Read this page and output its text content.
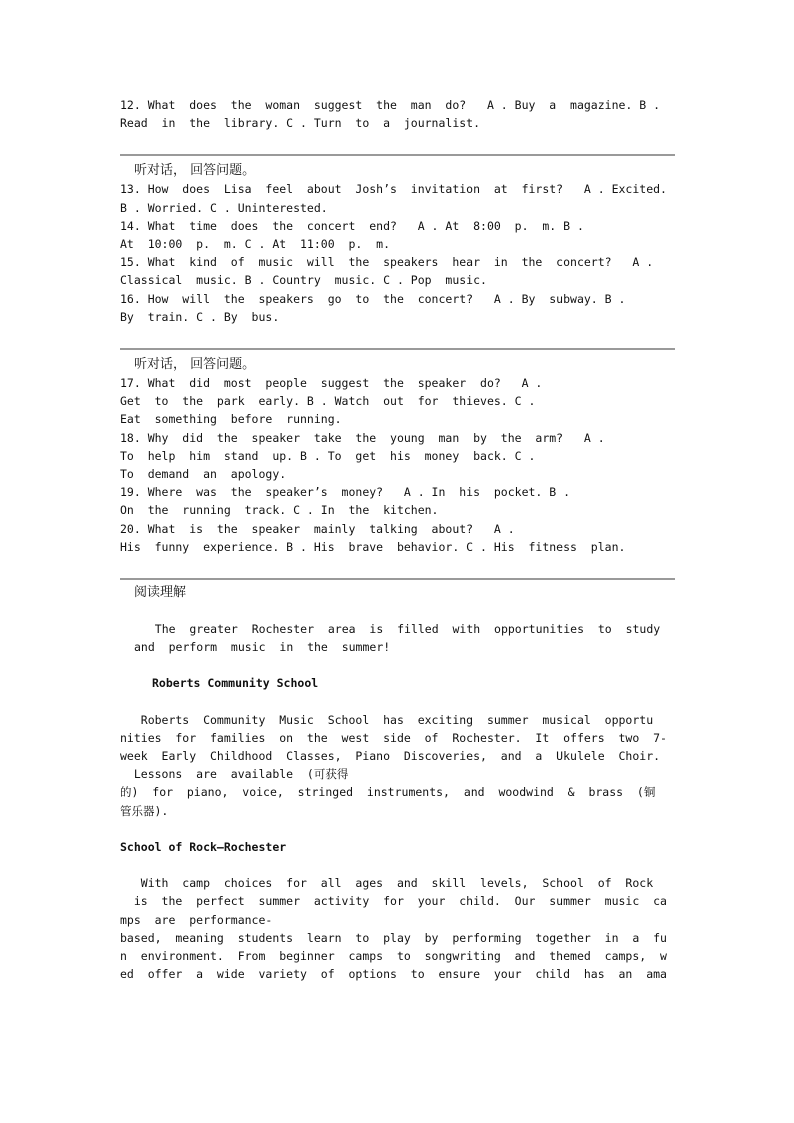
12. What  does  the  woman  suggest  the  man  do?   A . Buy  a  magazine. B .
Read  in  the  library. C . Turn  to  a  journalist.
听对话， 回答问题。
13. How  does  Lisa  feel  about  Josh’s  invitation  at  first?   A . Excited.
B . Worried. C . Uninterested.
14. What  time  does  the  concert  end?   A . At  8:00  p.  m. B .
At  10:00  p.  m. C . At  11:00  p.  m.
15. What  kind  of  music  will  the  speakers  hear  in  the  concert?   A .
Classical  music. B . Country  music. C . Pop  music.
16. How  will  the  speakers  go  to  the  concert?   A . By  subway. B .
By  train. C . By  bus.
听对话， 回答问题。
17. What  did  most  people  suggest  the  speaker  do?   A .
Get  to  the  park  early. B . Watch  out  for  thieves. C .
Eat  something  before  running.
18. Why  did  the  speaker  take  the  young  man  by  the  arm?   A .
To  help  him  stand  up. B . To  get  his  money  back. C .
To  demand  an  apology.
19. Where  was  the  speaker’s  money?   A . In  his  pocket. B .
On  the  running  track. C . In  the  kitchen.
20. What  is  the  speaker  mainly  talking  about?   A .
His  funny  experience. B . His  brave  behavior. C . His  fitness  plan.
阅读理解
The  greater  Rochester  area  is  filled  with  opportunities  to  study
and  perform  music  in  the  summer!
Roberts Community School
Roberts  Community  Music  School  has  exciting  summer  musical  opportu
nities  for  families  on  the  west  side  of  Rochester.  It  offers  two  7-
week  Early  Childhood  Classes,  Piano  Discoveries,  and  a  Ukulele  Choir.
Lessons  are  available  (可获得
的)  for  piano,  voice,  stringed  instruments,  and  woodwind  &  brass  (铜
管乐器).
School of Rock—Rochester
With  camp  choices  for  all  ages  and  skill  levels,  School  of  Rock
is  the  perfect  summer  activity  for  your  child.  Our  summer  music  ca
mps  are  performance-
based,  meaning  students  learn  to  play  by  performing  together  in  a  fu
n  environment.  From  beginner  camps  to  songwriting  and  themed  camps,  w
ed  offer  a  wide  variety  of  options  to  ensure  your  child  has  an  ama
